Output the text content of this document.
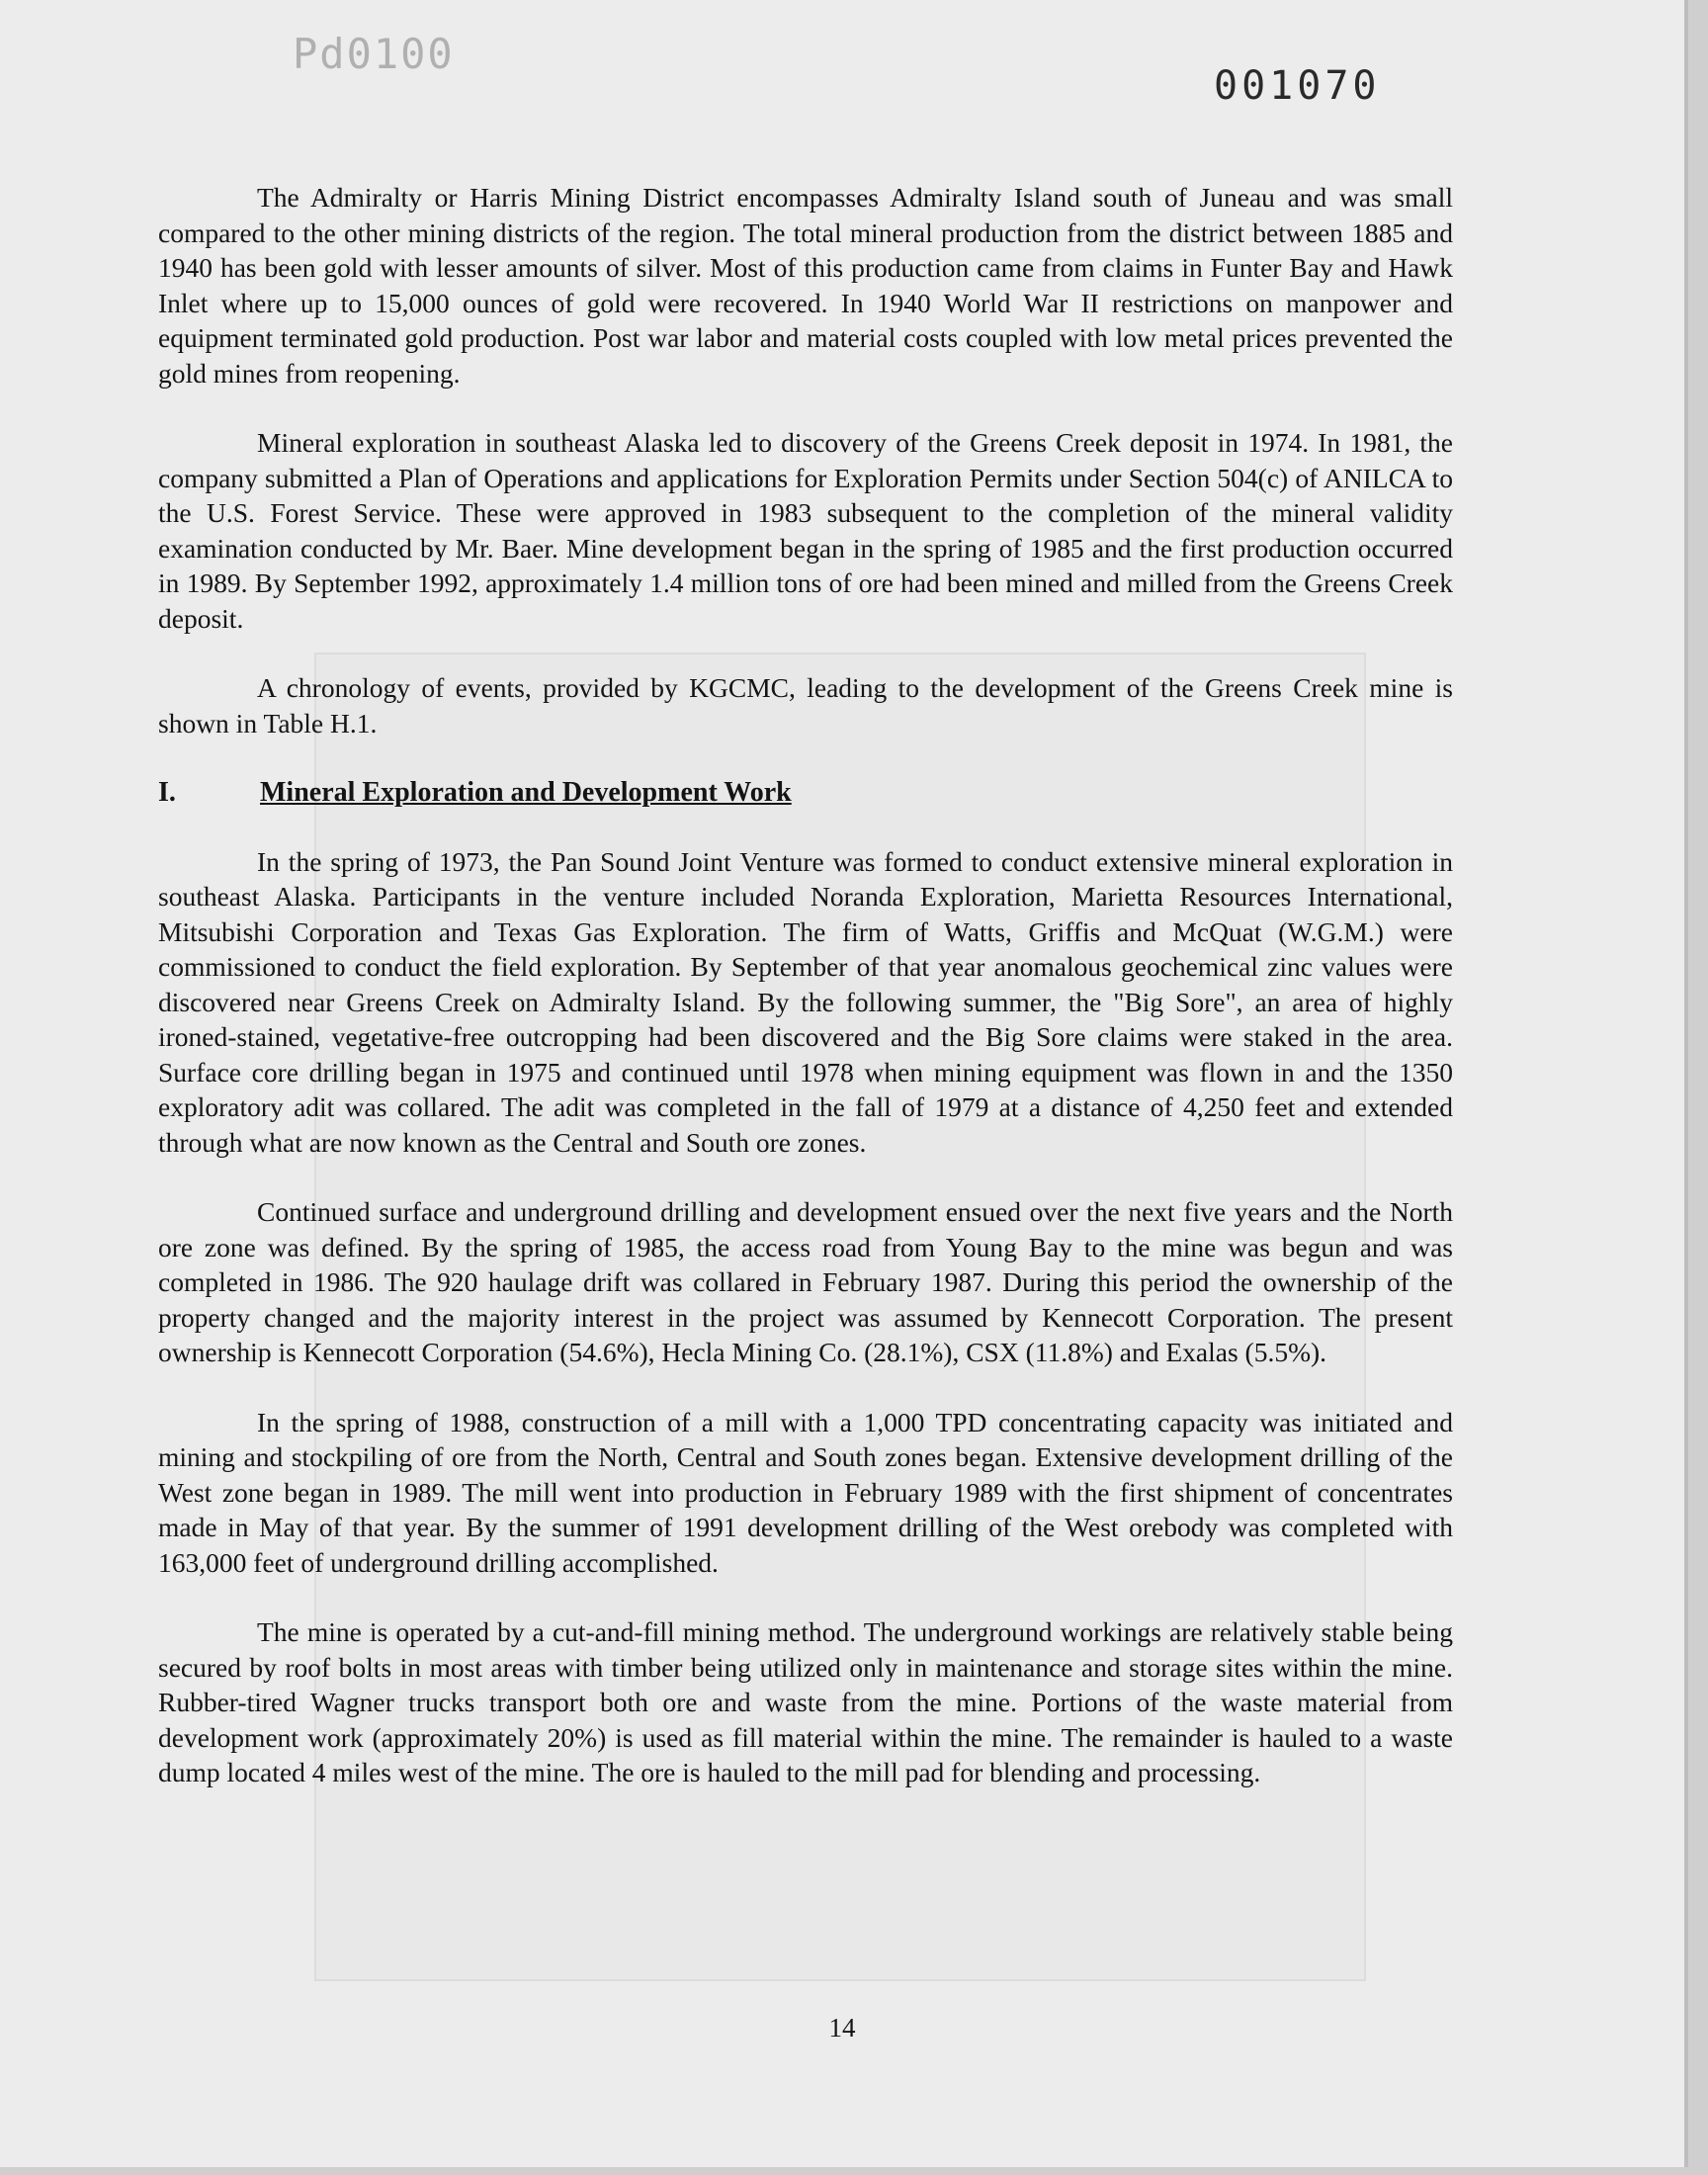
Pd0100
001070

The Admiralty or Harris Mining District encompasses Admiralty Island south of Juneau and was small compared to the other mining districts of the region. The total mineral production from the district between 1885 and 1940 has been gold with lesser amounts of silver. Most of this production came from claims in Funter Bay and Hawk Inlet where up to 15,000 ounces of gold were recovered. In 1940 World War II restrictions on manpower and equipment terminated gold production. Post war labor and material costs coupled with low metal prices prevented the gold mines from reopening.

Mineral exploration in southeast Alaska led to discovery of the Greens Creek deposit in 1974. In 1981, the company submitted a Plan of Operations and applications for Exploration Permits under Section 504(c) of ANILCA to the U.S. Forest Service. These were approved in 1983 subsequent to the completion of the mineral validity examination conducted by Mr. Baer. Mine development began in the spring of 1985 and the first production occurred in 1989. By September 1992, approximately 1.4 million tons of ore had been mined and milled from the Greens Creek deposit.

A chronology of events, provided by KGCMC, leading to the development of the Greens Creek mine is shown in Table H.1.

I.	Mineral Exploration and Development Work

In the spring of 1973, the Pan Sound Joint Venture was formed to conduct extensive mineral exploration in southeast Alaska. Participants in the venture included Noranda Exploration, Marietta Resources International, Mitsubishi Corporation and Texas Gas Exploration. The firm of Watts, Griffis and McQuat (W.G.M.) were commissioned to conduct the field exploration. By September of that year anomalous geochemical zinc values were discovered near Greens Creek on Admiralty Island. By the following summer, the "Big Sore", an area of highly ironed-stained, vegetative-free outcropping had been discovered and the Big Sore claims were staked in the area. Surface core drilling began in 1975 and continued until 1978 when mining equipment was flown in and the 1350 exploratory adit was collared. The adit was completed in the fall of 1979 at a distance of 4,250 feet and extended through what are now known as the Central and South ore zones.

Continued surface and underground drilling and development ensued over the next five years and the North ore zone was defined. By the spring of 1985, the access road from Young Bay to the mine was begun and was completed in 1986. The 920 haulage drift was collared in February 1987. During this period the ownership of the property changed and the majority interest in the project was assumed by Kennecott Corporation. The present ownership is Kennecott Corporation (54.6%), Hecla Mining Co. (28.1%), CSX (11.8%) and Exalas (5.5%).

In the spring of 1988, construction of a mill with a 1,000 TPD concentrating capacity was initiated and mining and stockpiling of ore from the North, Central and South zones began. Extensive development drilling of the West zone began in 1989. The mill went into production in February 1989 with the first shipment of concentrates made in May of that year. By the summer of 1991 development drilling of the West orebody was completed with 163,000 feet of underground drilling accomplished.

The mine is operated by a cut-and-fill mining method. The underground workings are relatively stable being secured by roof bolts in most areas with timber being utilized only in maintenance and storage sites within the mine. Rubber-tired Wagner trucks transport both ore and waste from the mine. Portions of the waste material from development work (approximately 20%) is used as fill material within the mine. The remainder is hauled to a waste dump located 4 miles west of the mine. The ore is hauled to the mill pad for blending and processing.

14
